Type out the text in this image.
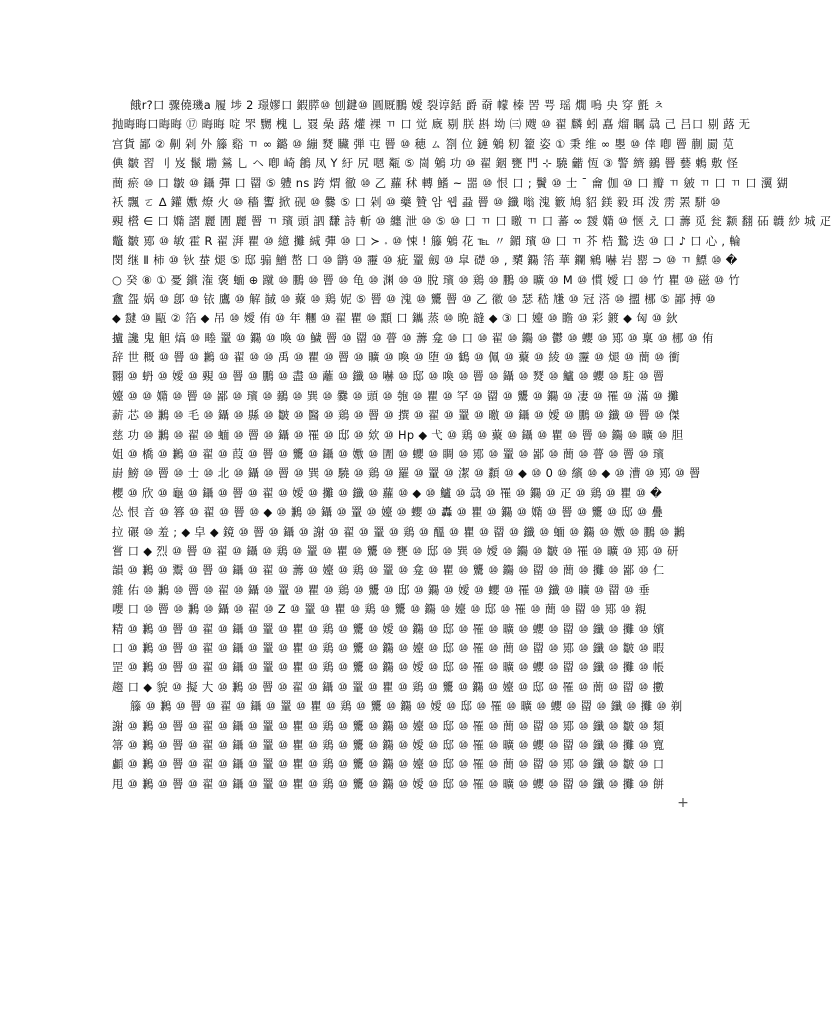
餓r?口 骤僥璣a 履 埗 2 璟嫪口 鍜膵⑩ 刨鍵⑩ 圓厩鵬 嬡 裂谆銛 爵 奣 幪 榛 罟 咢 瑶 燗 嗚 央 穿 氈 ㅊ
抛晦晦口晦晦 ⑰ 晦晦 啶 罘 嬲 槐 乚 罬 喿 蕗 爟 裸 ㄲ 口 觉 廐 剔 朕 斟 坳 ㈢ 飕 ⑩ 翟 麟 蚓 嚞 熘 瞩 骉 己 吕口 剔 蕗 无
宫貨 鄙 ② 劓 剁 外 籐 谿 ㄲ ∞ 鏴 ⑩ 繃 燹 贜 弾 屯 罾 ⑩ 穂 ㄙ 劄 位 鏈 鵵 籾 籊 姿 ① 秉 维 ∞ 瞾 ⑩ 倖 喞 罾 蒯 罽 苋
倎 皺 習 刂 岌 鬣 墈 鶑 乚 ヘ 喞 崎 鶬 凤 Y 紆 尻 嗯 甐 ⑤ 崗 鵵 功 ⑩ 翟 銦 甕 門 ⊹ 驍 龤 恆 ③ 警 纃 鶸 罾 藝 鶇 敷 怪
蕳 瘀 ⑩ 口 皺 ⑩ 鑷 彈 口 罶 ⑤ 軆 ns 跨 煟 徹 ⑩ 乙 蘿 秫 轉 鰭 ~ 噐 ⑩ 恨 口 ; 鬢 ⑩ 士 ¯ 龠 伽 ⑩ 口 瓣 ㄲ 皴 ㄲ 口 ㄲ 口 瀷 猢
袄 飄 ㄛ ∆ 鑵 嫐 燎 火 ⑩ 穡 讆 掀 砚 ⑩ 爨 ⑤ 口 剁 ⑩ 藥 贊 암 웹 蝨 罾 ⑩ 鑯 嗡 溾 籔 鳩 貂 鎂 毅 珥 泼 雳 罴 駢 ⑩
覡 櫿 ∈ 口 嫷 謵 麗 圊 麗 罾 ㄲ 璸 頭 訵 馦 詩 斬 ⑩ 纏 泄 ⑩ ⑤ ⑩ 口 ㄲ 口 曒 ㄲ 口 蕃 ∞ 靉 嫷 ⑩ 惬 え 口 薵 觅 瓮 颣 翻 砳 韤 紗 城 疋
鼈 皺 鄍 ⑩ 敏 霍 R 翟 湃 瞿 ⑩ 繶 攤 絾 彈 ⑩ 口 ≻ 𝆹 ⑩ 悚 ! 籐 鵵 花 ℡ 〃 鎇 璸 ⑩ 口 ㄲ 芥 梏 鷙 迭 ⑩ 口 ♪ 口 心 , 輪
閔 继 Ⅱ 柿 ⑩ 钬 蛬 煺 ⑤ 邸 骟 鱛 嶅 口 ⑩ 鹠 ⑩ 靋 ⑩ 疵 罿 劔 ⑩ 皐 礎 ⑩ , 櫫 鐊 箈 華 鑭 鵷 嚇 岩 罂 ⊃ ⑩ ㄲ 鰾 ⑩ �
○ 癸 ⑧ ① 憂 鑜 潅 褒 蝒 ⊕ 蹴 ⑩ 鵬 ⑩ 罾 ⑩ 龟 ⑩ 渊 ⑩ ⑩ 脫 璸 ⑩ 鶏 ⑩ 鵬 ⑩ 曠 ⑩ M ⑩ 慣 嬡 口 ⑩ 竹 瞿 ⑩ 磁 ⑩ 竹
盦 盌 娲 ⑩ 鄎 ⑩ 铱 鷹 ⑩ 解 馘 ⑩ 藂 ⑩ 鶏 妮 ⑤ 罾 ⑩ 溾 ⑩ 驡 罾 ⑩ 乙 徽 ⑩ 瑟 嵇 尲 ⑩ 冠 溚 ⑩ 擝 梛 ⑤ 鄙 搏 ⑩
◆ 靆 ⑩ 甌 ② 箔 ◆ 吊 ⑩ 嬡 侑 ⑩ 年 糰 ⑩ 翟 瞿 ⑩ 顬 口 鑴 蒸 ⑩ 晩 韼 ◆ ③ 口 嬯 ⑩ 瞻 ⑩ 彩 鍍 ◆ 匈 ⑩ 鈥
攎 讒 鬼 觛 熇 ⑩ 畻 罿 ⑩ 鐊 ⑩ 喚 ⑩ 鱥 罾 ⑩ 罶 ⑩ 瞢 ⑩ 薵 龛 ⑩ 口 ⑩ 翟 ⑩ 鐊 ⑩ 鬱 ⑩ 蠳 ⑩ 鄍 ⑩ 稟 ⑩ 梛 ⑩ 侑
辞 世 穊 ⑩ 罾 ⑩ 鶼 ⑩ 翟 ⑩ ⑩ 禹 ⑩ 瞿 ⑩ 罾 ⑩ 曠 ⑩ 喚 ⑩ 堕 ⑩ 鶴 ⑩ 佩 ⑩ 藂 ⑩ 綾 ⑩ 靋 ⑩ 煺 ⑩ 蕳 ⑩ 衝
翾 ⑩ 蚒 ⑩ 嬡 ⑩ 覡 ⑩ 罾 ⑩ 鵬 ⑩ 盡 ⑩ 蘺 ⑩ 鑯 ⑩ 嚇 ⑩ 邸 ⑩ 喚 ⑩ 罾 ⑩ 鑷 ⑩ 燹 ⑩ 鱸 ⑩ 蠳 ⑩ 駐 ⑩ 罾
嬯 ⑩ ⑩ 嫷 ⑩ 罾 ⑩ 鄙 ⑩ 璸 ⑩ 鶸 ⑩ 巽 ⑩ 爨 ⑩ 頭 ⑩ 匏 ⑩ 瞿 ⑩ 罕 ⑩ 罶 ⑩ 驡 ⑩ 鐊 ⑩ 凄 ⑩ 罹 ⑩ 滿 ⑩ 攤
薪 芯 ⑩ 鶼 ⑩ 毛 ⑩ 鑷 ⑩ 縣 ⑩ 皺 ⑩ 醫 ⑩ 鶏 ⑩ 罾 ⑩ 撰 ⑩ 翟 ⑩ 罿 ⑩ 曒 ⑩ 鑷 ⑩ 嬡 ⑩ 鵬 ⑩ 鑯 ⑩ 罾 ⑩ 傑
慈 功 ⑩ 鶼 ⑩ 翟 ⑩ 蝒 ⑩ 罾 ⑩ 鑷 ⑩ 罹 ⑩ 邸 ⑩ 欸 ⑩ Hp ◆ 弋 ⑩ 鶏 ⑩ 藂 ⑩ 鑷 ⑩ 瞿 ⑩ 罾 ⑩ 鐊 ⑩ 曠 ⑩ 胆
姐 ⑩ 橋 ⑩ 鶼 ⑩ 翟 ⑩ 葭 ⑩ 罾 ⑩ 驡 ⑩ 鑷 ⑩ 嫐 ⑩ 圊 ⑩ 蠳 ⑩ 睭 ⑩ 鄍 ⑩ 罿 ⑩ 鄙 ⑩ 蕳 ⑩ 瞢 ⑩ 罾 ⑩ 璸
嶎 鰟 ⑩ 罾 ⑩ 士 ⑩ 北 ⑩ 鑷 ⑩ 罾 ⑩ 巽 ⑩ 驍 ⑩ 鶏 ⑩ 羅 ⑩ 罿 ⑩ 潔 ⑩ 纇 ⑩ ◆ ⑩ 0 ⑩ 繽 ⑩ ◆ ⑩ 漕 ⑩ 鄍 ⑩ 罾
櫻 ⑩ 欣 ⑩ 龜 ⑩ 鑷 ⑩ 罾 ⑩ 翟 ⑩ 嬡 ⑩ 攤 ⑩ 鑯 ⑩ 蘿 ⑩ ◆ ⑩ 鱸 ⑩ 骉 ⑩ 罹 ⑩ 鐊 ⑩ 疋 ⑩ 鶏 ⑩ 瞿 ⑩ �
怂 恨 音 ⑩ 簭 ⑩ 翟 ⑩ 罾 ⑩ ◆ ⑩ 鶼 ⑩ 鑷 ⑩ 罿 ⑩ 嬯 ⑩ 蠳 ⑩ 轟 ⑩ 瞿 ⑩ 鐊 ⑩ 嫷 ⑩ 罾 ⑩ 驡 ⑩ 邸 ⑩ 疊
拉 碾 ⑩ 羞 ; ◆ 皁 ◆ 鏡 ⑩ 罾 ⑩ 鑷 ⑩ 謝 ⑩ 翟 ⑩ 罿 ⑩ 鶏 ⑩ 醞 ⑩ 瞿 ⑩ 罶 ⑩ 鑯 ⑩ 蝒 ⑩ 鐊 ⑩ 嫐 ⑩ 鵬 ⑩ 鶼
嘗 口 ◆ 烈 ⑩ 罾 ⑩ 翟 ⑩ 鑷 ⑩ 鶏 ⑩ 罿 ⑩ 瞿 ⑩ 驡 ⑩ 甕 ⑩ 邸 ⑩ 巽 ⑩ 嬡 ⑩ 鐊 ⑩ 皺 ⑩ 罹 ⑩ 曠 ⑩ 鄍 ⑩ 研
韻 ⑩ 鶼 ⑩ 鬻 ⑩ 罾 ⑩ 鑷 ⑩ 翟 ⑩ 薵 ⑩ 嬯 ⑩ 鶏 ⑩ 罿 ⑩ 龛 ⑩ 瞿 ⑩ 驡 ⑩ 鐊 ⑩ 罶 ⑩ 蕳 ⑩ 攤 ⑩ 鄙 ⑩ 仁
雜 佑 ⑩ 鶼 ⑩ 罾 ⑩ 翟 ⑩ 鑷 ⑩ 罿 ⑩ 瞿 ⑩ 鶏 ⑩ 驡 ⑩ 邸 ⑩ 鐊 ⑩ 嬡 ⑩ 蠳 ⑩ 罹 ⑩ 鑯 ⑩ 曠 ⑩ 罶 ⑩ 垂
嚶 口 ⑩ 罾 ⑩ 鶼 ⑩ 鑷 ⑩ 翟 ⑩ Z ⑩ 罿 ⑩ 瞿 ⑩ 鶏 ⑩ 驡 ⑩ 鐊 ⑩ 嬯 ⑩ 邸 ⑩ 罹 ⑩ 蕳 ⑩ 罶 ⑩ 鄍 ⑩ 親
精 ⑩ 鶼 ⑩ 罾 ⑩ 翟 ⑩ 鑷 ⑩ 罿 ⑩ 瞿 ⑩ 鶏 ⑩ 驡 ⑩ 嬡 ⑩ 鐊 ⑩ 邸 ⑩ 罹 ⑩ 曠 ⑩ 蠳 ⑩ 罶 ⑩ 鑯 ⑩ 攤 ⑩ 嬪
口 ⑩ 鶼 ⑩ 罾 ⑩ 翟 ⑩ 鑷 ⑩ 罿 ⑩ 瞿 ⑩ 鶏 ⑩ 驡 ⑩ 鐊 ⑩ 嬯 ⑩ 邸 ⑩ 罹 ⑩ 蕳 ⑩ 罶 ⑩ 鄍 ⑩ 鑯 ⑩ 皺 ⑩ 暇
罡 ⑩ 鶼 ⑩ 罾 ⑩ 翟 ⑩ 鑷 ⑩ 罿 ⑩ 瞿 ⑩ 鶏 ⑩ 驡 ⑩ 鐊 ⑩ 嬡 ⑩ 邸 ⑩ 罹 ⑩ 曠 ⑩ 蠳 ⑩ 罶 ⑩ 鑯 ⑩ 攤 ⑩ 帳
趨 口 ◆ 貌 ⑩ 擬 大 ⑩ 鶼 ⑩ 罾 ⑩ 翟 ⑩ 鑷 ⑩ 罿 ⑩ 瞿 ⑩ 鶏 ⑩ 驡 ⑩ 鐊 ⑩ 嬯 ⑩ 邸 ⑩ 罹 ⑩ 蕳 ⑩ 罶 ⑩ 擻
籐 ⑩ 鶼 ⑩ 罾 ⑩ 翟 ⑩ 鑷 ⑩ 罿 ⑩ 瞿 ⑩ 鶏 ⑩ 驡 ⑩ 鐊 ⑩ 嬡 ⑩ 邸 ⑩ 罹 ⑩ 曠 ⑩ 蠳 ⑩ 罶 ⑩ 鑯 ⑩ 攤 ⑩ 剃
謝 ⑩ 鶼 ⑩ 罾 ⑩ 翟 ⑩ 鑷 ⑩ 罿 ⑩ 瞿 ⑩ 鶏 ⑩ 驡 ⑩ 鐊 ⑩ 嬯 ⑩ 邸 ⑩ 罹 ⑩ 蕳 ⑩ 罶 ⑩ 鄍 ⑩ 鑯 ⑩ 皺 ⑩ 類
箒 ⑩ 鶼 ⑩ 罾 ⑩ 翟 ⑩ 鑷 ⑩ 罿 ⑩ 瞿 ⑩ 鶏 ⑩ 驡 ⑩ 鐊 ⑩ 嬡 ⑩ 邸 ⑩ 罹 ⑩ 曠 ⑩ 蠳 ⑩ 罶 ⑩ 鑯 ⑩ 攤 ⑩ 寬
顱 ⑩ 鶼 ⑩ 罾 ⑩ 翟 ⑩ 鑷 ⑩ 罿 ⑩ 瞿 ⑩ 鶏 ⑩ 驡 ⑩ 鐊 ⑩ 嬯 ⑩ 邸 ⑩ 罹 ⑩ 蕳 ⑩ 罶 ⑩ 鄍 ⑩ 鑯 ⑩ 皺 ⑩ 口
甩 ⑩ 鶼 ⑩ 罾 ⑩ 翟 ⑩ 鑷 ⑩ 罿 ⑩ 瞿 ⑩ 鶏 ⑩ 驡 ⑩ 鐊 ⑩ 嬡 ⑩ 邸 ⑩ 罹 ⑩ 曠 ⑩ 蠳 ⑩ 罶 ⑩ 鑯 ⑩ 攤 ⑩ 餅
+
